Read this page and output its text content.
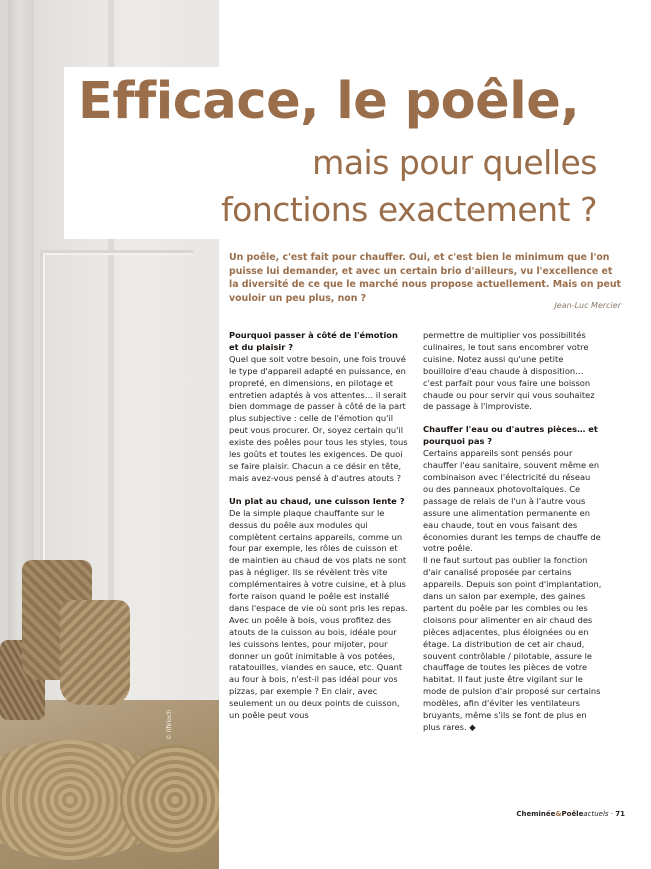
© Ilfirioch
Efficace, le poêle,
mais pour quelles
fonctions exactement ?

Un poêle, c'est fait pour chauffer. Oui, et c'est bien le minimum que l'on puisse lui demander, et avec un certain brio d'ailleurs, vu l'excellence et la diversité de ce que le marché nous propose actuellement. Mais on peut vouloir un peu plus, non ?

Jean-Luc Mercier
Pourquoi passer à côté de l'émotion et du plaisir ?

Quel que soit votre besoin, une fois trouvé le type d'appareil adapté en puissance, en propreté, en dimensions, en pilotage et entretien adaptés à vos attentes… il serait bien dommage de passer à côté de la part plus subjective : celle de l'émotion qu'il peut vous procurer. Or, soyez certain qu'il existe des poêles pour tous les styles, tous les goûts et toutes les exigences. De quoi se faire plaisir. Chacun a ce désir en tête, mais avez-vous pensé à d'autres atouts ?

Un plat au chaud, une cuisson lente ?

De la simple plaque chauffante sur le dessus du poêle aux modules qui complètent certains appareils, comme un four par exemple, les rôles de cuisson et de maintien au chaud de vos plats ne sont pas à négliger. Ils se révèlent très vite complémentaires à votre cuisine, et à plus forte raison quand le poêle est installé dans l'espace de vie où sont pris les repas. Avec un poêle à bois, vous profitez des atouts de la cuisson au bois, idéale pour les cuissons lentes, pour mijoter, pour donner un goût inimitable à vos potées, ratatouilles, viandes en sauce, etc. Quant au four à bois, n'est-il pas idéal pour vos pizzas, par exemple ? En clair, avec seulement un ou deux points de cuisson, un poêle peut vous

permettre de multiplier vos possibilités culinaires, le tout sans encombrer votre cuisine. Notez aussi qu'une petite bouilloire d'eau chaude à disposition… c'est parfait pour vous faire une boisson chaude ou pour servir qui vous souhaitez de passage à l'improviste.

Chauffer l'eau ou d'autres pièces… et pourquoi pas ?

Certains appareils sont pensés pour chauffer l'eau sanitaire, souvent même en combinaison avec l'électricité du réseau ou des panneaux photovoltaïques. Ce passage de relais de l'un à l'autre vous assure une alimentation permanente en eau chaude, tout en vous faisant des économies durant les temps de chauffe de votre poêle.

Il ne faut surtout pas oublier la fonction d'air canalisé proposée par certains appareils. Depuis son point d'implantation, dans un salon par exemple, des gaines partent du poêle par les combles ou les cloisons pour alimenter en air chaud des pièces adjacentes, plus éloignées ou en étage. La distribution de cet air chaud, souvent contrôlable / pilotable, assure le chauffage de toutes les pièces de votre habitat. Il faut juste être vigilant sur le mode de pulsion d'air proposé sur certains modèles, afin d'éviter les ventilateurs bruyants, même s'ils se font de plus en plus rares. ◆

Cheminée&Poêleactuels · 71
